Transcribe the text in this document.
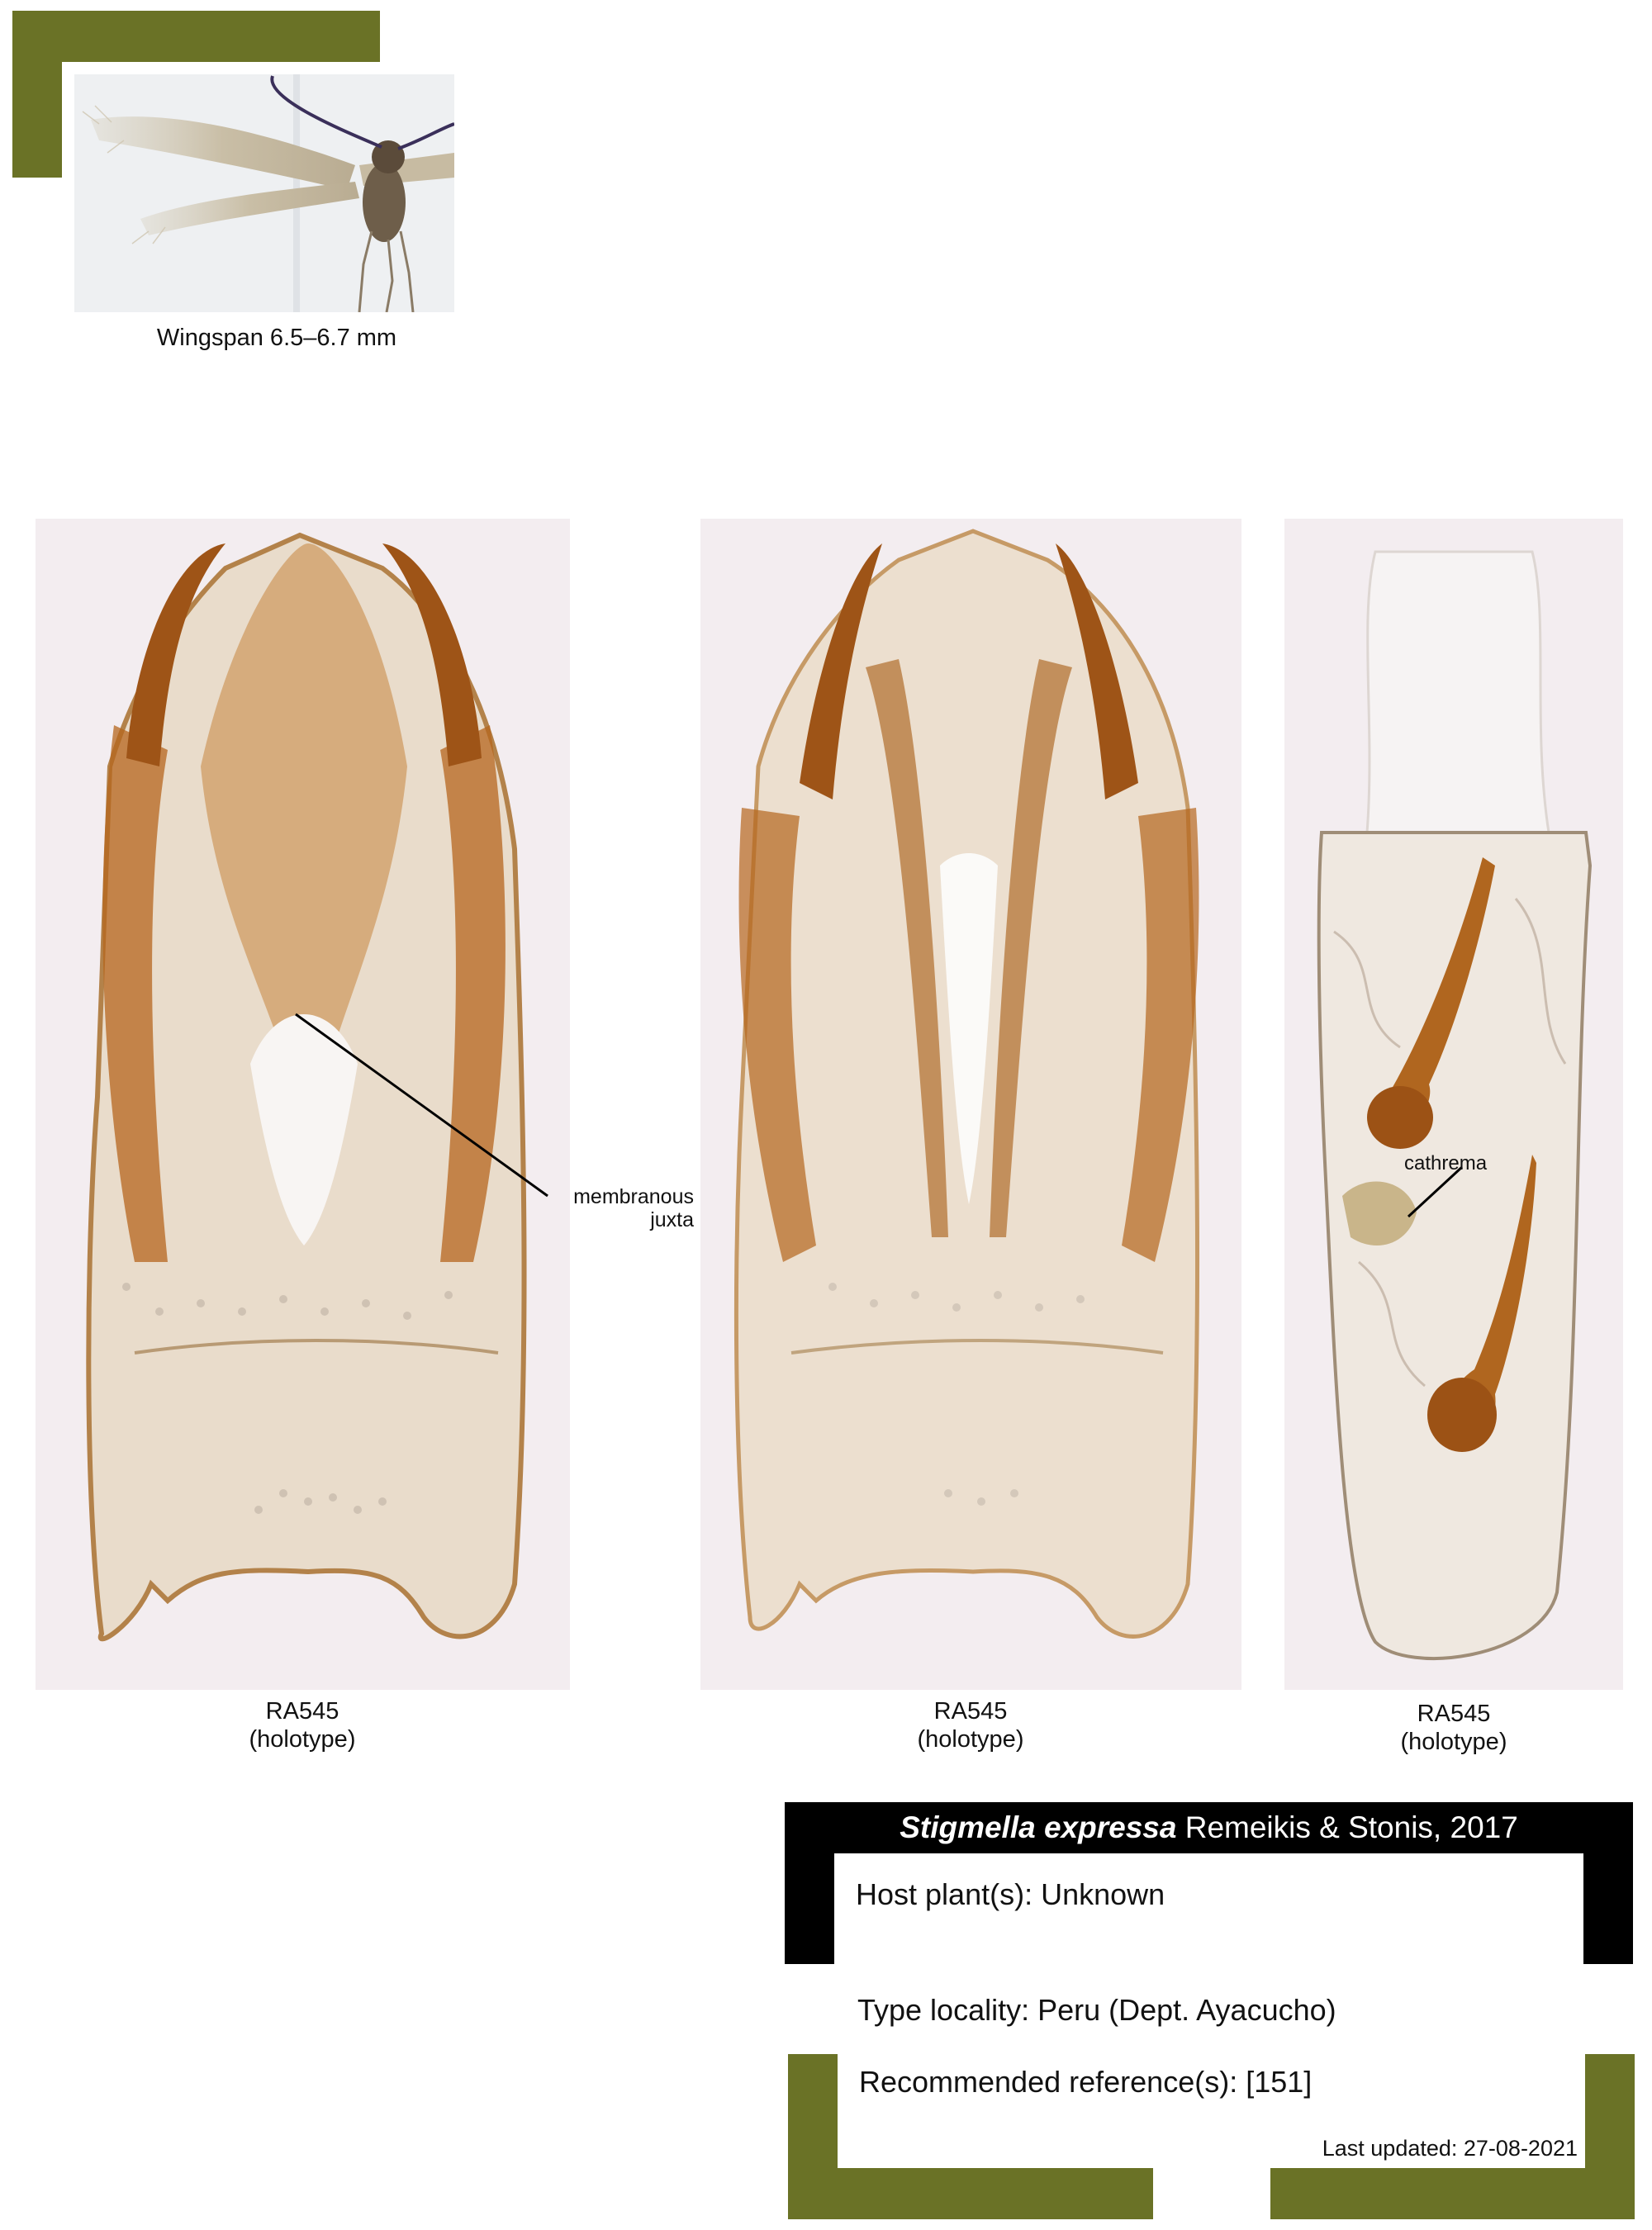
Wingspan 6.5–6.7 mm
membranous
juxta
RA545
(holotype)
RA545
(holotype)
cathrema
RA545
(holotype)
Stigmella expressa Remeikis & Stonis, 2017
Host plant(s): Unknown
Type locality: Peru (Dept. Ayacucho)
Recommended reference(s): [151]
Last updated: 27-08-2021
